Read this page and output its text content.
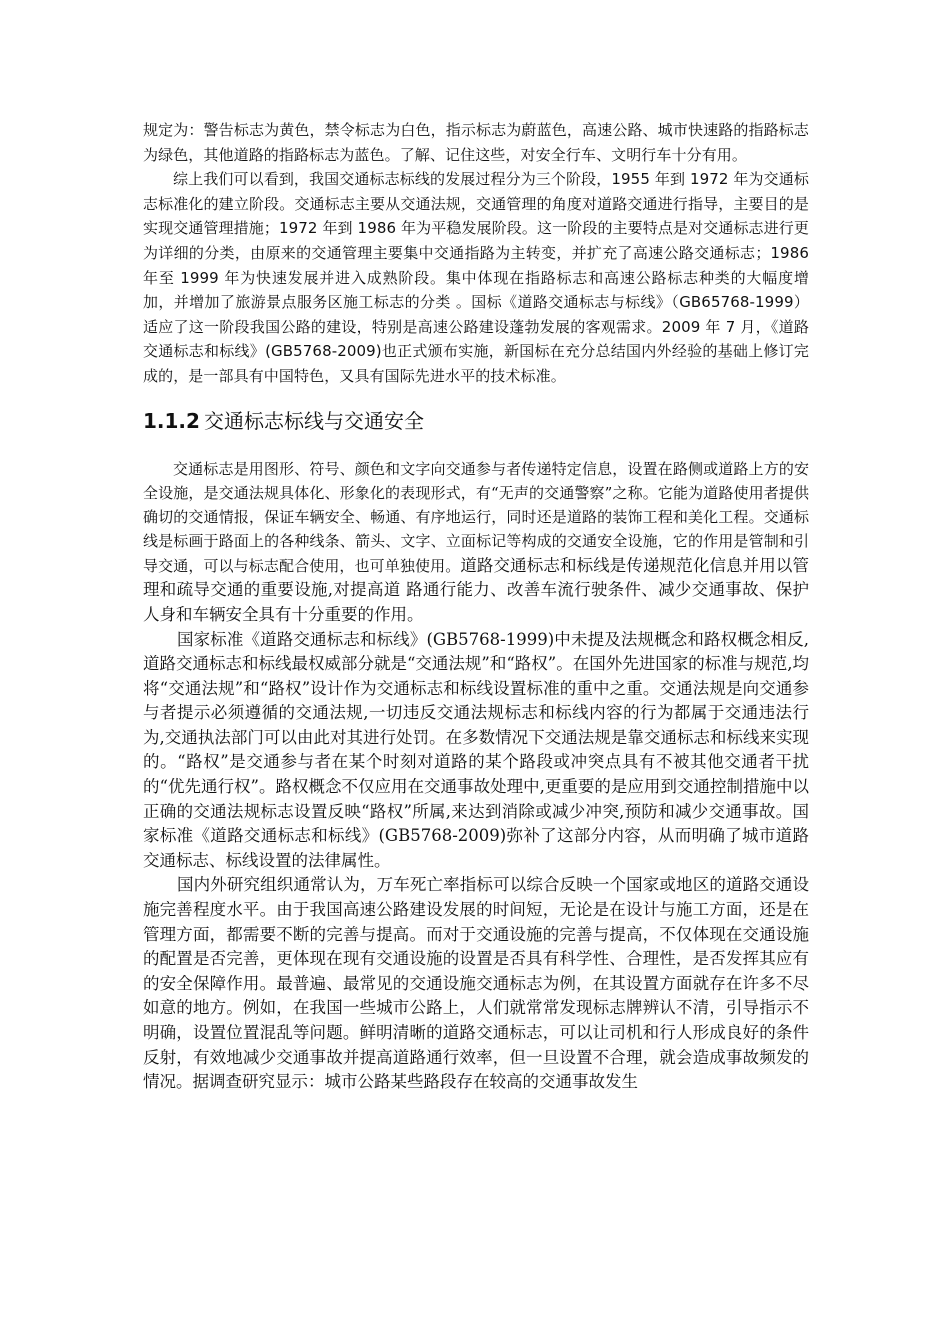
规定为：警告标志为黄色，禁令标志为白色，指示标志为蔚蓝色，高速公路、城市快速路的指路标志为绿色，其他道路的指路标志为蓝色。了解、记住这些，对安全行车、文明行车十分有用。

综上我们可以看到，我国交通标志标线的发展过程分为三个阶段，1955 年到 1972 年为交通标志标准化的建立阶段。交通标志主要从交通法规，交通管理的角度对道路交通进行指导，主要目的是实现交通管理措施；1972 年到 1986 年为平稳发展阶段。这一阶段的主要特点是对交通标志进行更为详细的分类，由原来的交通管理主要集中交通指路为主转变，并扩充了高速公路交通标志；1986 年至 1999 年为快速发展并进入成熟阶段。集中体现在指路标志和高速公路标志种类的大幅度增加，并增加了旅游景点服务区施工标志的分类 。国标《道路交通标志与标线》（GB65768-1999）适应了这一阶段我国公路的建设，特别是高速公路建设蓬勃发展的客观需求。2009 年 7 月，《道路交通标志和标线》(GB5768-2009)也正式颁布实施，新国标在充分总结国内外经验的基础上修订完成的，是一部具有中国特色，又具有国际先进水平的技术标准。

1.1.2 交通标志标线与交通安全

交通标志是用图形、符号、颜色和文字向交通参与者传递特定信息，设置在路侧或道路上方的安全设施，是交通法规具体化、形象化的表现形式，有“无声的交通警察”之称。它能为道路使用者提供确切的交通情报，保证车辆安全、畅通、有序地运行，同时还是道路的装饰工程和美化工程。交通标线是标画于路面上的各种线条、箭头、文字、立面标记等构成的交通安全设施，它的作用是管制和引导交通，可以与标志配合使用，也可单独使用。道路交通标志和标线是传递规范化信息并用以管理和疏导交通的重要设施,对提高道 路通行能力、改善车流行驶条件、减少交通事故、保护人身和车辆安全具有十分重要的作用。

国家标准《道路交通标志和标线》(GB5768-1999)中未提及法规概念和路权概念相反,道路交通标志和标线最权威部分就是“交通法规”和“路权”。在国外先进国家的标准与规范,均将“交通法规”和“路权”设计作为交通标志和标线设置标准的重中之重。交通法规是向交通参与者提示必须遵循的交通法规,一切违反交通法规标志和标线内容的行为都属于交通违法行为,交通执法部门可以由此对其进行处罚。在多数情况下交通法规是靠交通标志和标线来实现的。“路权”是交通参与者在某个时刻对道路的某个路段或冲突点具有不被其他交通者干扰的“优先通行权”。路权概念不仅应用在交通事故处理中,更重要的是应用到交通控制措施中以正确的交通法规标志设置反映“路权”所属,来达到消除或减少冲突,预防和减少交通事故。国家标准《道路交通标志和标线》(GB5768-2009)弥补了这部分内容，从而明确了城市道路交通标志、标线设置的法律属性。

国内外研究组织通常认为，万车死亡率指标可以综合反映一个国家或地区的道路交通设施完善程度水平。由于我国高速公路建设发展的时间短，无论是在设计与施工方面，还是在管理方面，都需要不断的完善与提高。而对于交通设施的完善与提高，不仅体现在交通设施的配置是否完善，更体现在现有交通设施的设置是否具有科学性、合理性，是否发挥其应有的安全保障作用。最普遍、最常见的交通设施交通标志为例，在其设置方面就存在许多不尽如意的地方。例如，在我国一些城市公路上，人们就常常发现标志牌辨认不清，引导指示不明确，设置位置混乱等问题。鲜明清晰的道路交通标志，可以让司机和行人形成良好的条件反射，有效地减少交通事故并提高道路通行效率，但一旦设置不合理，就会造成事故频发的情况。据调查研究显示：城市公路某些路段存在较高的交通事故发生
